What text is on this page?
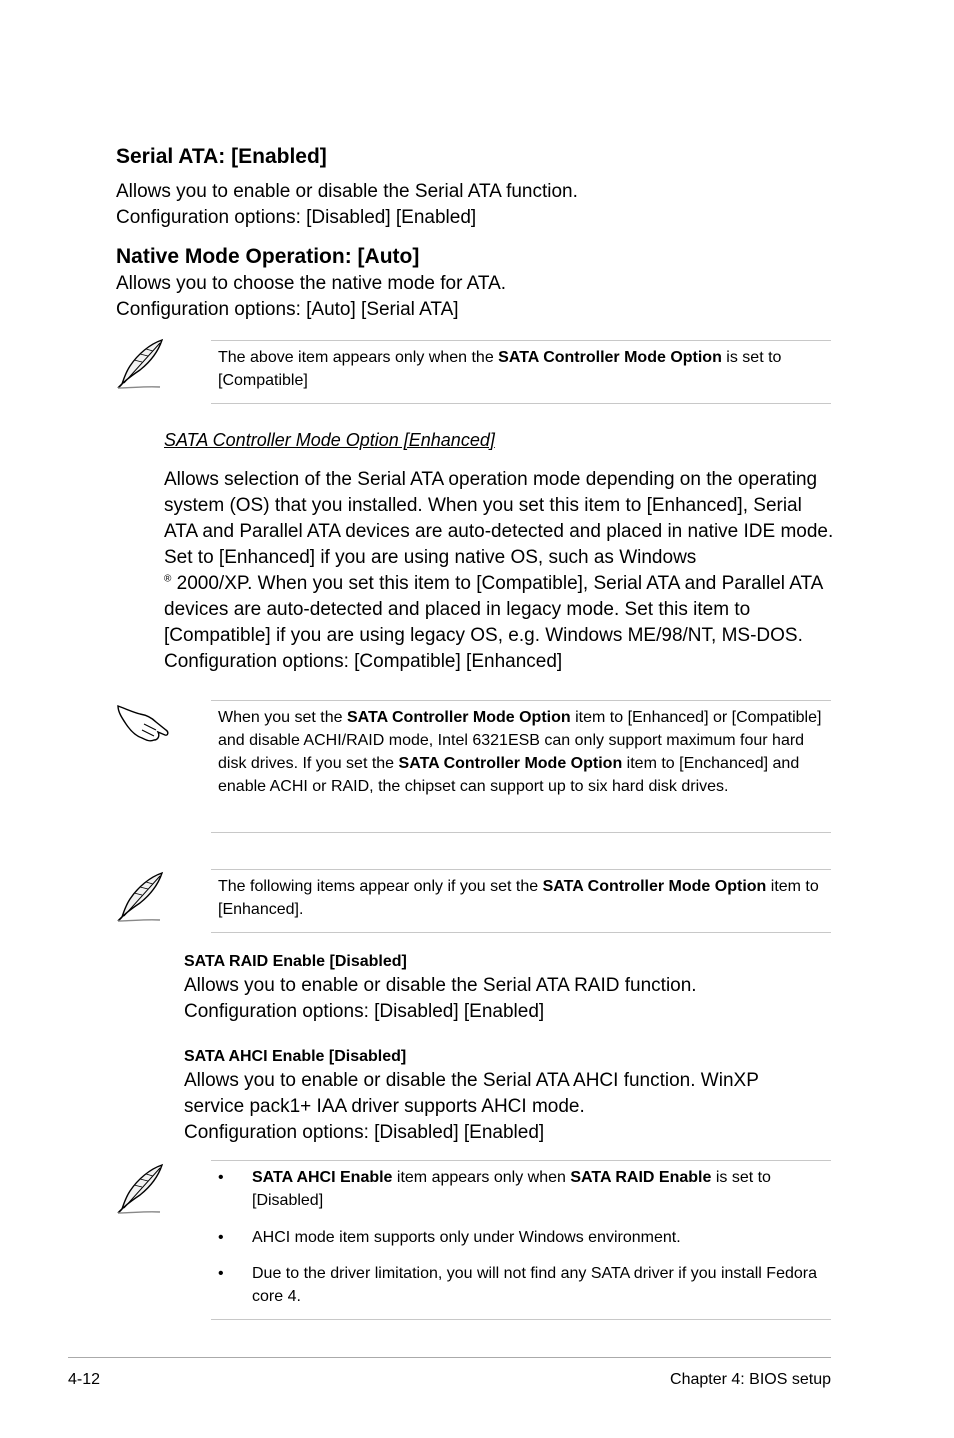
Serial ATA: [Enabled]
Allows you to enable or disable the Serial ATA function.
Configuration options: [Disabled] [Enabled]
Native Mode Operation: [Auto]
Allows you to choose the native mode for ATA.
Configuration options: [Auto] [Serial ATA]
The above item appears only when the SATA Controller Mode Option is set to [Compatible]
SATA Controller Mode Option [Enhanced]
Allows selection of the Serial ATA operation mode depending on the operating system (OS) that you installed. When you set this item to [Enhanced], Serial ATA and Parallel ATA devices are auto-detected and placed in native IDE mode. Set to [Enhanced] if you are using native OS, such as Windows
® 2000/XP. When you set this item to [Compatible], Serial ATA and Parallel ATA devices are auto-detected and placed in legacy mode. Set this item to [Compatible] if you are using legacy OS, e.g. Windows ME/98/NT, MS-DOS.
Configuration options: [Compatible] [Enhanced]
When you set the SATA Controller Mode Option item to [Enhanced] or [Compatible] and disable ACHI/RAID mode, Intel 6321ESB can only support maximum four hard disk drives. If you set the SATA Controller Mode Option item to [Enchanced] and enable ACHI or RAID, the chipset can support up to six hard disk drives.
The following items appear only if you set the SATA Controller Mode Option item to [Enhanced].
SATA RAID Enable [Disabled]
Allows you to enable or disable the Serial ATA RAID function.
Configuration options: [Disabled] [Enabled]
SATA AHCI Enable [Disabled]
Allows you to enable or disable the Serial ATA AHCI function. WinXP
service pack1+ IAA driver supports AHCI mode.
Configuration options: [Disabled] [Enabled]
•	SATA AHCI Enable item appears only when SATA RAID Enable is set to [Disabled]
•	AHCI mode item supports only under Windows environment.
•	Due to the driver limitation, you will not find any SATA driver if you install Fedora core 4.
4-12	Chapter 4: BIOS setup
